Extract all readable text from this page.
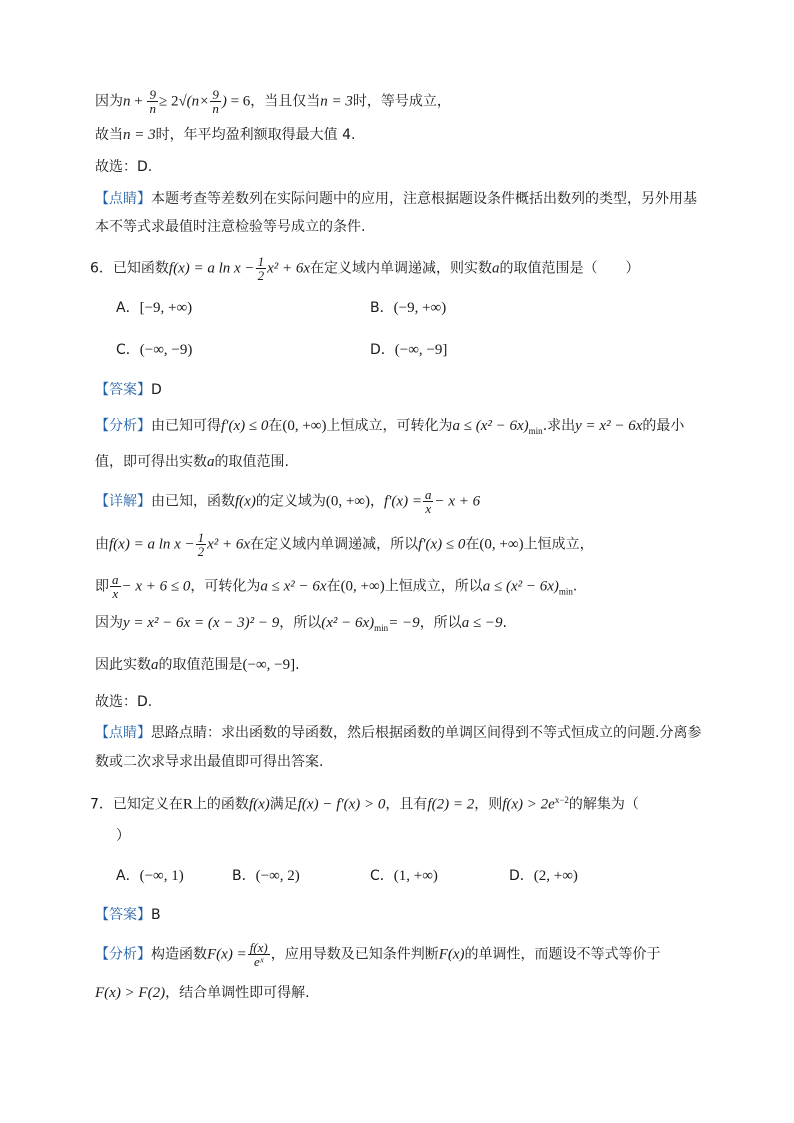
因为$n + \frac{9}{n} \ge 2√(n\times \frac{9}{n}$ ) = 6，当且仅当n = 3时，等号成立，
故当n = 3时，年平均盈利额取得最大值 4.
故选：D.
【点睛】本题考查等差数列在实际问题中的应用，注意根据题设条件概括出数列的类型，另外用基
本不等式求最值时注意检验等号成立的条件.
6．已知函数f(x) = a $\ln x - \frac{1}{2} x^2 + 6x$在定义域内单调递减，则实数a的取值范围是（　　）
A．[−9, +∞)	B．(−9, +∞)
C．(−∞, −9)	D．(−∞, −9]
【答案】D
【分析】由已知可得f′(x) ≤ 0在(0, +∞)上恒成立，可转化为$a \le (x^2 - 6x)_{min}$.求出y = x² − 6x的最小
值，即可得出实数a的取值范围.
【详解】由已知，函数f(x)的定义域为(0, +∞)，$f'(x) = \frac{a}{x} - x + 6$
由f(x) = a $\ln x - \frac{1}{2} x^2 + 6x$在定义域内单调递减，所以f′(x) ≤ 0在(0, +∞)上恒成立，
即 $\frac{a}{x} - x + 6 \le 0$，可转化为a ≤ x² − 6x在(0, +∞)上恒成立，所以$a \le (x^2 - 6x)_{min}$.
因为y = x² − 6x = (x − 3)² − 9，所以$(x^2 - 6x)_{min}= -9$，所以a ≤ −9.
因此实数a的取值范围是(−∞, −9].
故选：D.
【点睛】思路点睛：求出函数的导函数，然后根据函数的单调区间得到不等式恒成立的问题.分离参
数或二次求导求出最值即可得出答案.
7．已知定义在R上的函数f(x)满足f(x) − f′(x) > 0，且有f(2) = 2，则$f(x) > 2e^{x-2}$的解集为（
）
A．(−∞, 1)	B．(−∞, 2)	C．(1, +∞)	D．(2, +∞)
【答案】B
【分析】构造函数$F(x) = \frac{f(x)}{\text{eˣ}}$ ，应用导数及已知条件判断F(x)的单调性，而题设不等式等价于
F(x) > F(2)，结合单调性即可得解.
